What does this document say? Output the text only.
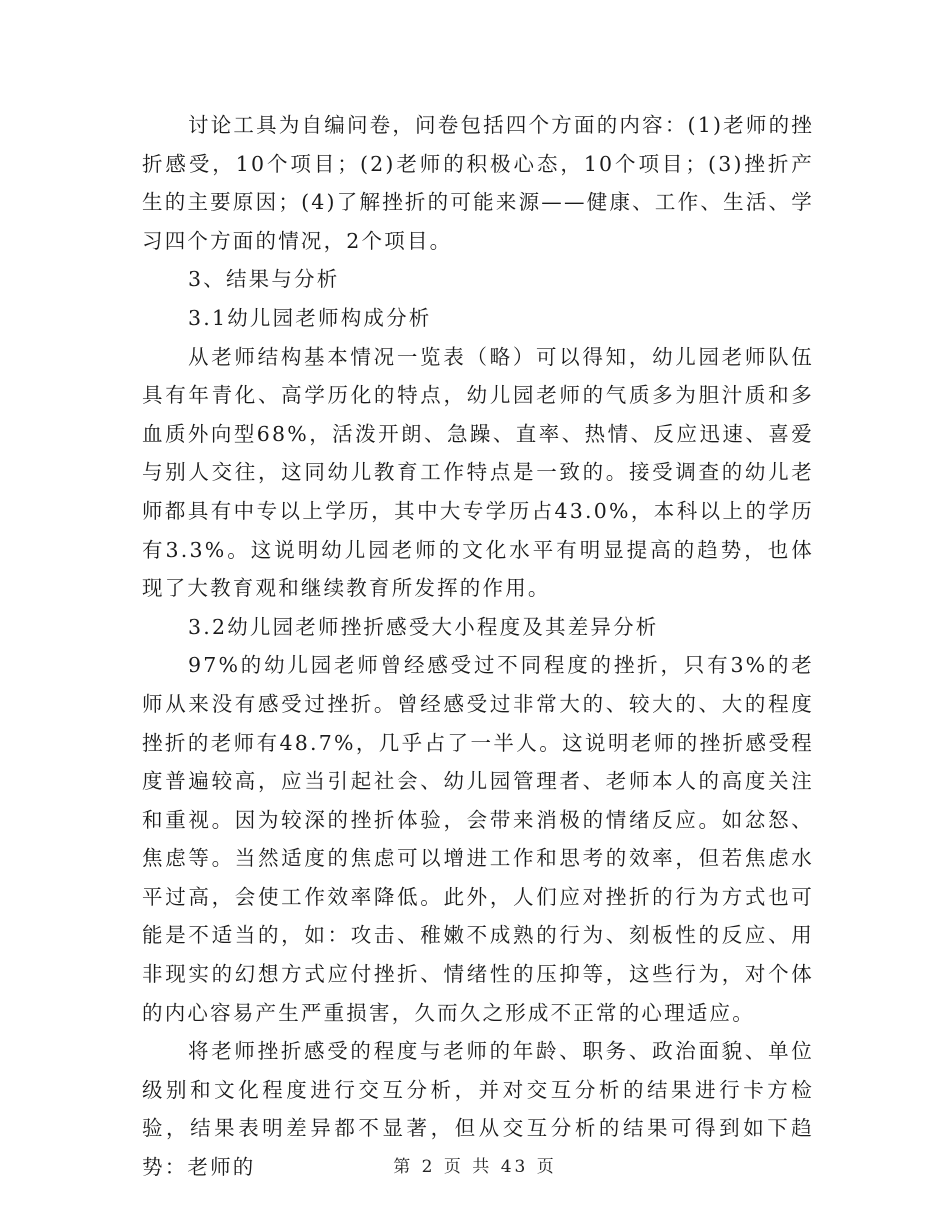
讨论工具为自编问卷，问卷包括四个方面的内容：(1)老师的挫折感受，10个项目；(2)老师的积极心态，10个项目；(3)挫折产生的主要原因；(4)了解挫折的可能来源——健康、工作、生活、学习四个方面的情况，2个项目。

3、结果与分析

3.1幼儿园老师构成分析

从老师结构基本情况一览表（略）可以得知，幼儿园老师队伍具有年青化、高学历化的特点，幼儿园老师的气质多为胆汁质和多血质外向型68%，活泼开朗、急躁、直率、热情、反应迅速、喜爱与别人交往，这同幼儿教育工作特点是一致的。接受调查的幼儿老师都具有中专以上学历，其中大专学历占43.0%，本科以上的学历有3.3%。这说明幼儿园老师的文化水平有明显提高的趋势，也体现了大教育观和继续教育所发挥的作用。

3.2幼儿园老师挫折感受大小程度及其差异分析

97%的幼儿园老师曾经感受过不同程度的挫折，只有3%的老师从来没有感受过挫折。曾经感受过非常大的、较大的、大的程度挫折的老师有48.7%，几乎占了一半人。这说明老师的挫折感受程度普遍较高，应当引起社会、幼儿园管理者、老师本人的高度关注和重视。因为较深的挫折体验，会带来消极的情绪反应。如忿怒、焦虑等。当然适度的焦虑可以增进工作和思考的效率，但若焦虑水平过高，会使工作效率降低。此外，人们应对挫折的行为方式也可能是不适当的，如：攻击、稚嫩不成熟的行为、刻板性的反应、用非现实的幻想方式应付挫折、情绪性的压抑等，这些行为，对个体的内心容易产生严重损害，久而久之形成不正常的心理适应。

将老师挫折感受的程度与老师的年龄、职务、政治面貌、单位级别和文化程度进行交互分析，并对交互分析的结果进行卡方检验，结果表明差异都不显著，但从交互分析的结果可得到如下趋势：老师的	第 2 页 共 43 页
